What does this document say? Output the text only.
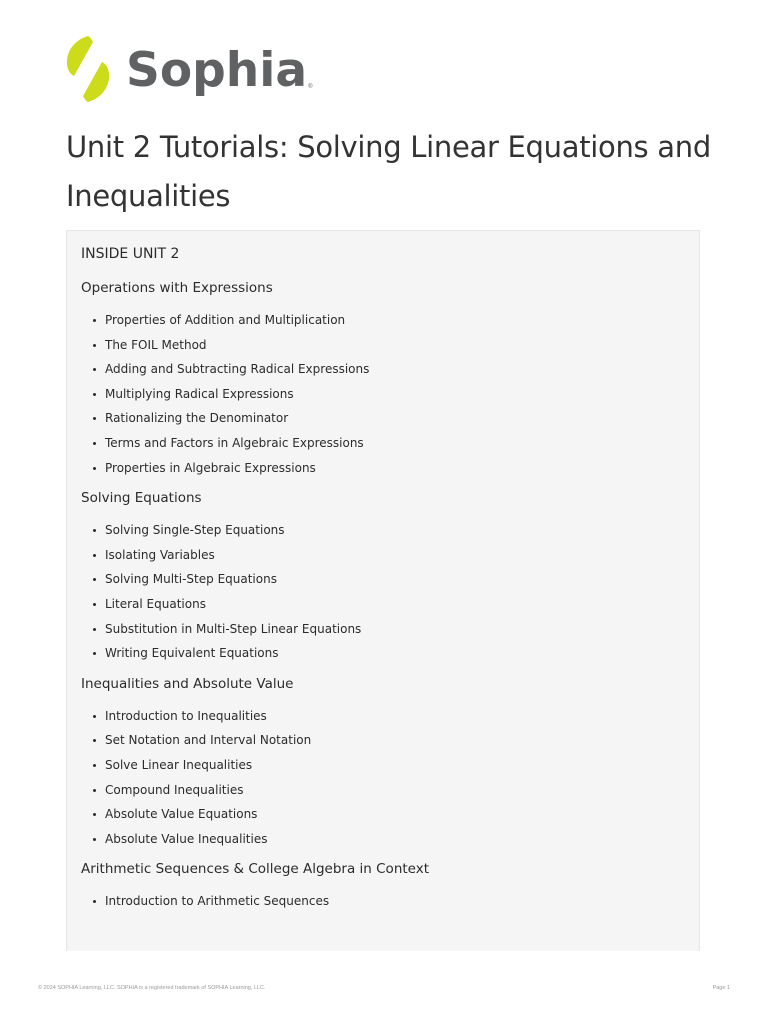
Sophia ®
Unit 2 Tutorials: Solving Linear Equations and Inequalities
INSIDE UNIT 2
Operations with Expressions
Properties of Addition and Multiplication
The FOIL Method
Adding and Subtracting Radical Expressions
Multiplying Radical Expressions
Rationalizing the Denominator
Terms and Factors in Algebraic Expressions
Properties in Algebraic Expressions
Solving Equations
Solving Single-Step Equations
Isolating Variables
Solving Multi-Step Equations
Literal Equations
Substitution in Multi-Step Linear Equations
Writing Equivalent Equations
Inequalities and Absolute Value
Introduction to Inequalities
Set Notation and Interval Notation
Solve Linear Inequalities
Compound Inequalities
Absolute Value Equations
Absolute Value Inequalities
Arithmetic Sequences & College Algebra in Context
Introduction to Arithmetic Sequences
© 2024 SOPHIA Learning, LLC. SOPHIA is a registered trademark of SOPHIA Learning, LLC.	Page 1
